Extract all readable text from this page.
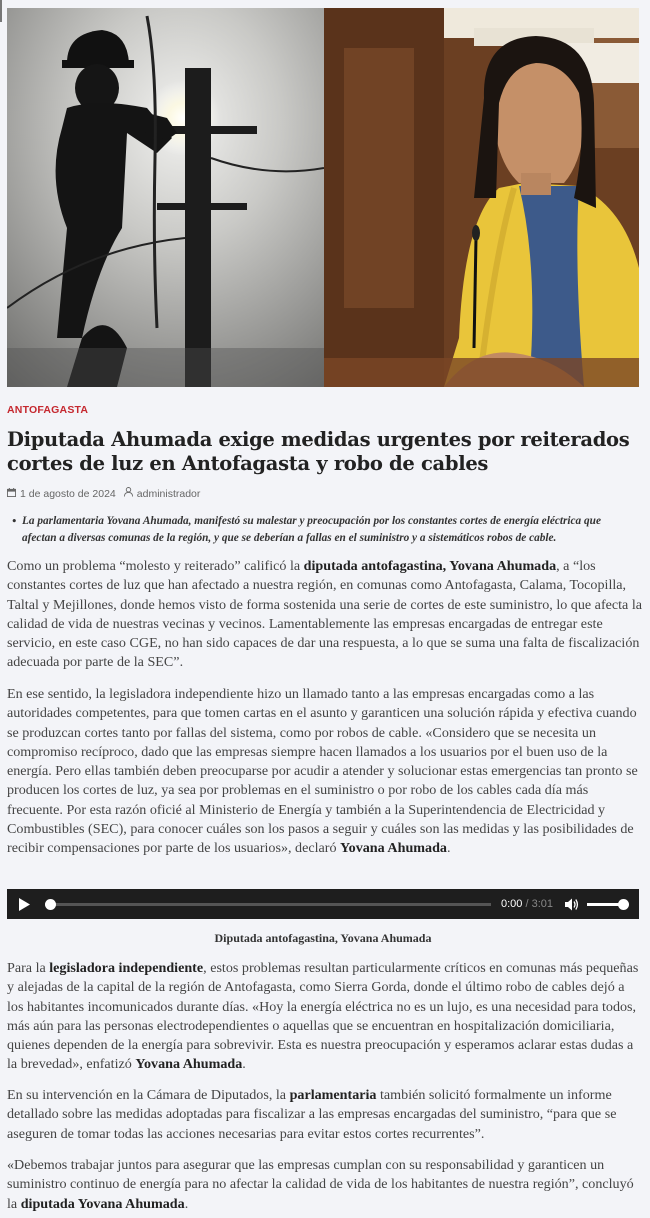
ANTOFAGASTA
Diputada Ahumada exige medidas urgentes por reiterados cortes de luz en Antofagasta y robo de cables
1 de agosto de 2024 administrador
• La parlamentaria Yovana Ahumada, manifestó su malestar y preocupación por los constantes cortes de energía eléctrica que afectan a diversas comunas de la región, y que se deberían a fallas en el suministro y a sistemáticos robos de cable.

Como un problema “molesto y reiterado” calificó la diputada antofagastina, Yovana Ahumada, a “los constantes cortes de luz que han afectado a nuestra región, en comunas como Antofagasta, Calama, Tocopilla, Taltal y Mejillones, donde hemos visto de forma sostenida una serie de cortes de este suministro, lo que afecta la calidad de vida de nuestras vecinas y vecinos. Lamentablemente las empresas encargadas de entregar este servicio, en este caso CGE, no han sido capaces de dar una respuesta, a lo que se suma una falta de fiscalización adecuada por parte de la SEC”.

En ese sentido, la legisladora independiente hizo un llamado tanto a las empresas encargadas como a las autoridades competentes, para que tomen cartas en el asunto y garanticen una solución rápida y efectiva cuando se produzcan cortes tanto por fallas del sistema, como por robos de cable. «Considero que se necesita un compromiso recíproco, dado que las empresas siempre hacen llamados a los usuarios por el buen uso de la energía. Pero ellas también deben preocuparse por acudir a atender y solucionar estas emergencias tan pronto se producen los cortes de luz, ya sea por problemas en el suministro o por robo de los cables cada día más frecuente. Por esta razón oficié al Ministerio de Energía y también a la Superintendencia de Electricidad y Combustibles (SEC), para conocer cuáles son los pasos a seguir y cuáles son las medidas y las posibilidades de recibir compensaciones por parte de los usuarios», declaró Yovana Ahumada.

0:00 / 3:01
Diputada antofagastina, Yovana Ahumada

Para la legisladora independiente, estos problemas resultan particularmente críticos en comunas más pequeñas y alejadas de la capital de la región de Antofagasta, como Sierra Gorda, donde el último robo de cables dejó a los habitantes incomunicados durante días. «Hoy la energía eléctrica no es un lujo, es una necesidad para todos, más aún para las personas electrodependientes o aquellas que se encuentran en hospitalización domiciliaria, quienes dependen de la energía para sobrevivir. Esta es nuestra preocupación y esperamos aclarar estas dudas a la brevedad», enfatizó Yovana Ahumada.

En su intervención en la Cámara de Diputados, la parlamentaria también solicitó formalmente un informe detallado sobre las medidas adoptadas para fiscalizar a las empresas encargadas del suministro, “para que se aseguren de tomar todas las acciones necesarias para evitar estos cortes recurrentes”.

«Debemos trabajar juntos para asegurar que las empresas cumplan con su responsabilidad y garanticen un suministro continuo de energía para no afectar la calidad de vida de los habitantes de nuestra región”, concluyó la diputada Yovana Ahumada.
